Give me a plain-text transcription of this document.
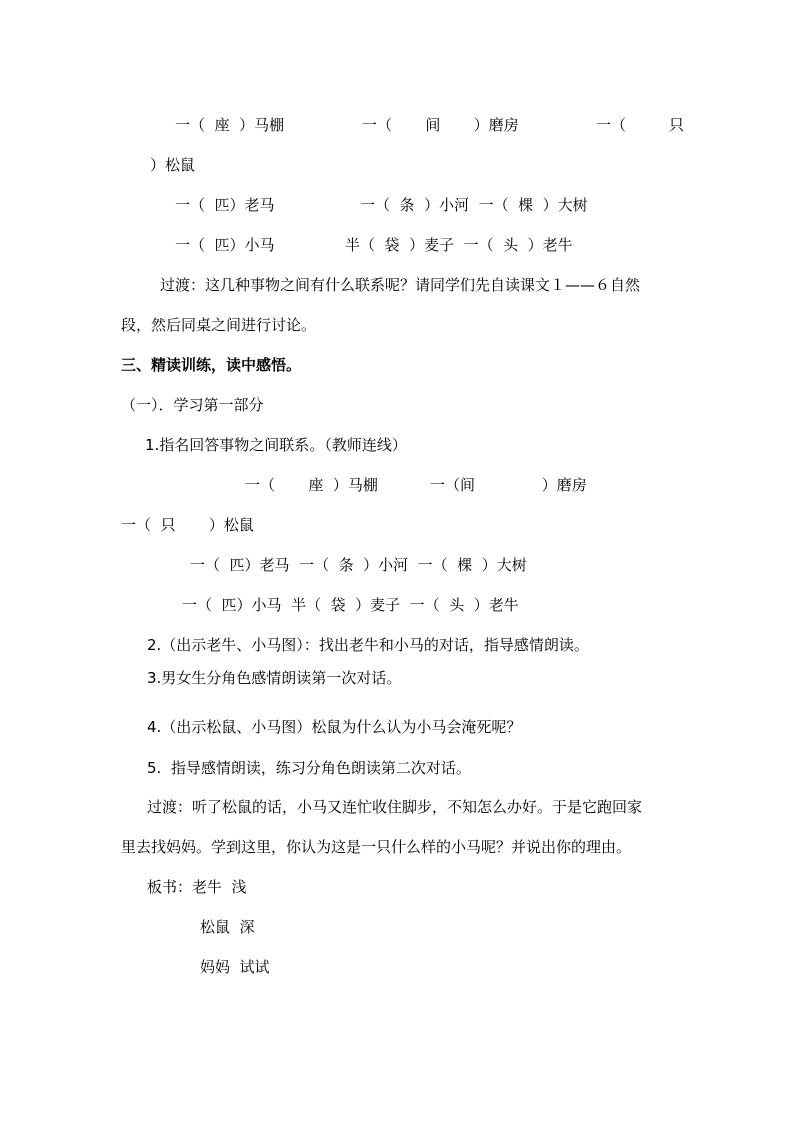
一（  座  ）马棚	一（       间       ）磨房	一（         只
）松鼠
一（  匹）老马	一（  条  ）小河  一（  棵  ）大树
一（  匹）小马	半（  袋  ）麦子  一（  头  ）老牛
过渡：这几种事物之间有什么联系呢？请同学们先自读课文１——６自然
段，然后同桌之间进行讨论。
三、精读训练，读中感悟。
（一）．学习第一部分
1.指名回答事物之间联系。（教师连线）
一（       座  ）马棚	一（间              ）磨房
一（  只       ）松鼠
一（  匹）老马  一（  条  ）小河  一（  棵  ）大树
一（  匹）小马  半（  袋  ）麦子  一（  头  ）老牛
2.（出示老牛、小马图）：找出老牛和小马的对话，指导感情朗读。
3.男女生分角色感情朗读第一次对话。
4.（出示松鼠、小马图）松鼠为什么认为小马会淹死呢？
5.  指导感情朗读，练习分角色朗读第二次对话。
过渡：听了松鼠的话，小马又连忙收住脚步，不知怎么办好。于是它跑回家
里去找妈妈。学到这里，你认为这是一只什么样的小马呢？并说出你的理由。
板书：老牛  浅
松鼠  深
妈妈  试试
